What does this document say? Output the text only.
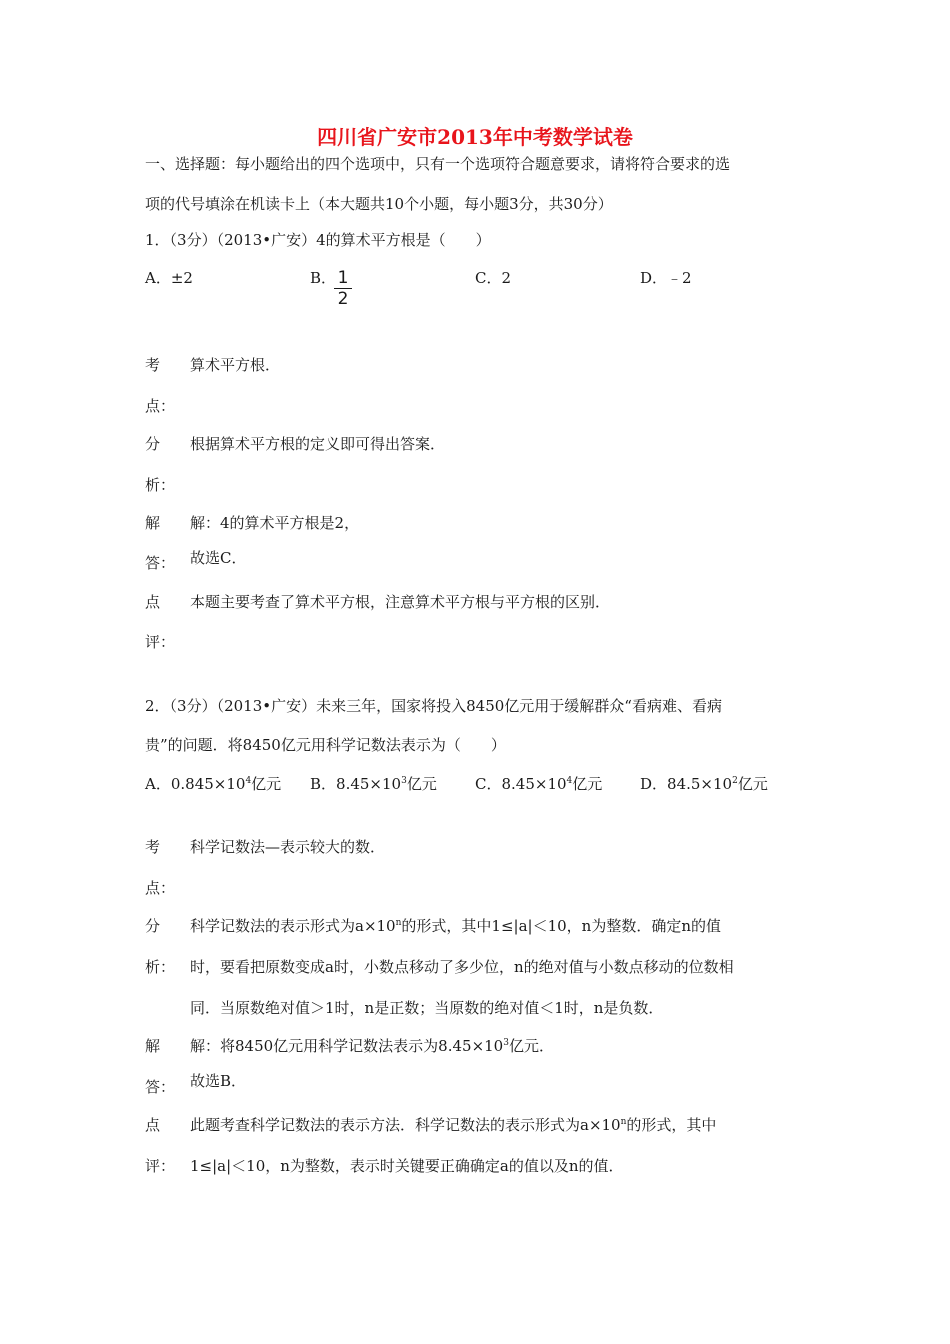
四川省广安市2013年中考数学试卷
一、选择题：每小题给出的四个选项中，只有一个选项符合题意要求，请将符合要求的选
项的代号填涂在机读卡上（本大题共10个小题，每小题3分，共30分）
1．（3分）（2013•广安）4的算术平方根是（　　）
A．±2	B． 1
2
C．2	D．﹣2
考
点：
算术平方根．
分
析：
根据算术平方根的定义即可得出答案．
解
答：
解：4的算术平方根是2，
故选C．
点
评：
本题主要考查了算术平方根，注意算术平方根与平方根的区别．
2．（3分）（2013•广安）未来三年，国家将投入8450亿元用于缓解群众“看病难、看病
贵”的问题．将8450亿元用科学记数法表示为（　　）
A．$0.845\times 10^4$亿元 B．$8.45\times 10^3$亿元	C．$8.45\times 10^4$亿元	D．$84.5\times 10^2$亿元
考
点：
科学记数法—表示较大的数．
分
析：
科学记数法的表示形式为$a\times 10^n$的形式，其中1≤|a|＜10，n为整数．确定n的值
时，要看把原数变成a时，小数点移动了多少位，n的绝对值与小数点移动的位数相
同．当原数绝对值＞1时，n是正数；当原数的绝对值＜1时，n是负数．
解
答：
解：将8450亿元用科学记数法表示为$8.45\times 10^3$亿元．
故选B．
点
评：
此题考查科学记数法的表示方法．科学记数法的表示形式为$a\times 10^n$的形式，其中
1≤|a|＜10，n为整数，表示时关键要正确确定a的值以及n的值．
